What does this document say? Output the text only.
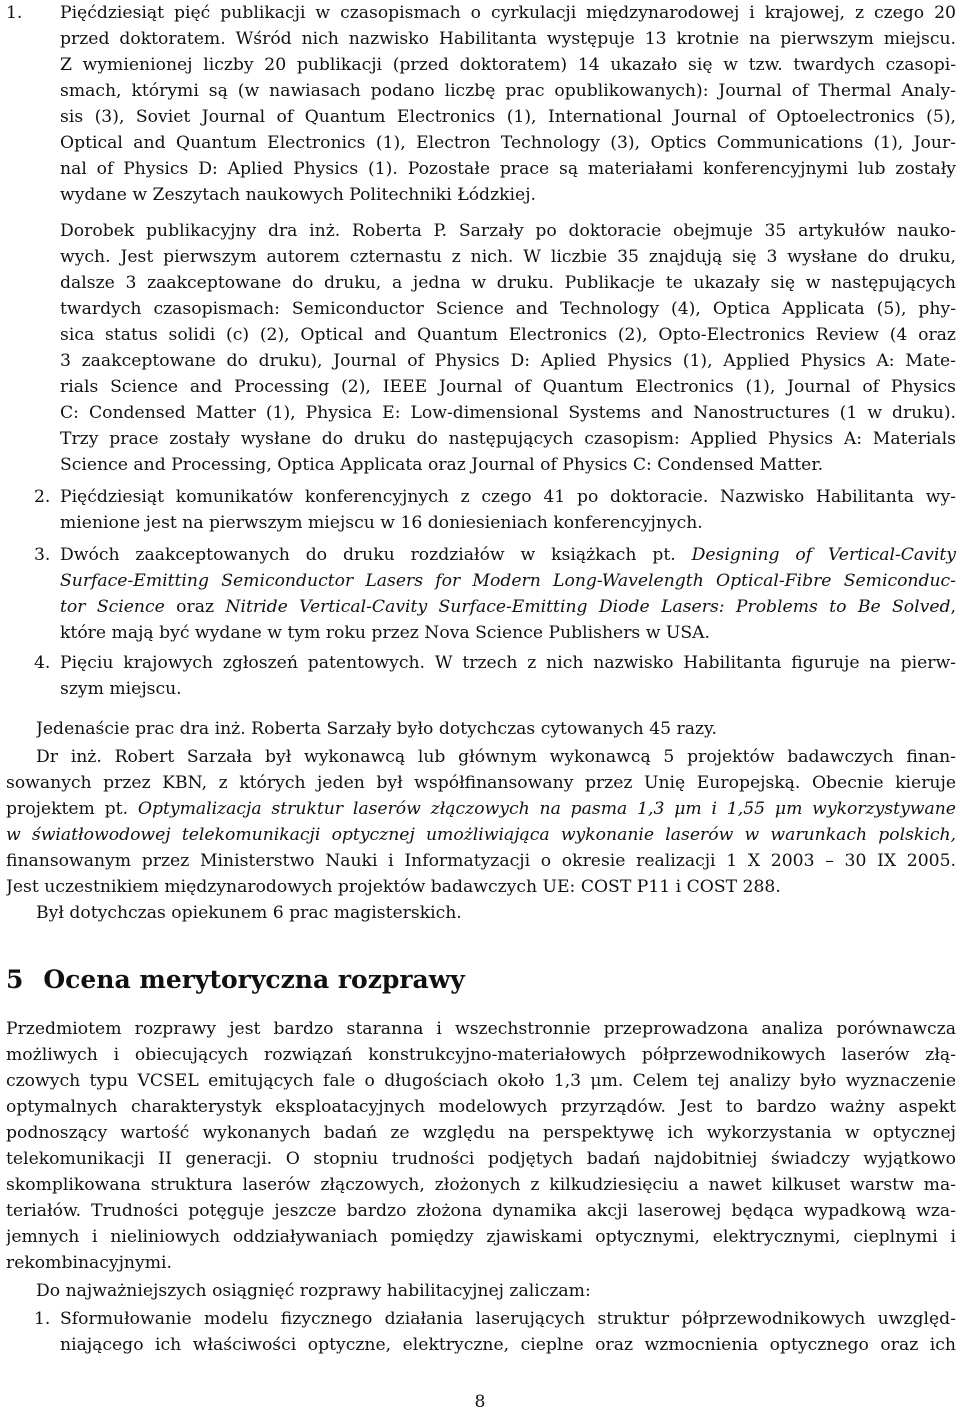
1. Pięćdziesiąt pięć publikacji w czasopismach o cyrkulacji międzynarodowej i krajowej, z czego 20
przed doktoratem. Wśród nich nazwisko Habilitanta występuje 13 krotnie na pierwszym miejscu.
Z wymienionej liczby 20 publikacji (przed doktoratem) 14 ukazało się w tzw. twardych czasopi-
smach, którymi są (w nawiasach podano liczbę prac opublikowanych): Journal of Thermal Analy-
sis (3), Soviet Journal of Quantum Electronics (1), International Journal of Optoelectronics (5),
Optical and Quantum Electronics (1), Electron Technology (3), Optics Communications (1), Jour-
nal of Physics D: Aplied Physics (1). Pozostałe prace są materiałami konferencyjnymi lub zostały
wydane w Zeszytach naukowych Politechniki Łódzkiej.
Dorobek publikacyjny dra inż. Roberta P. Sarzały po doktoracie obejmuje 35 artykułów nauko-
wych. Jest pierwszym autorem czternastu z nich. W liczbie 35 znajdują się 3 wysłane do druku,
dalsze 3 zaakceptowane do druku, a jedna w druku. Publikacje te ukazały się w następujących
twardych czasopismach: Semiconductor Science and Technology (4), Optica Applicata (5), phy-
sica status solidi (c) (2), Optical and Quantum Electronics (2), Opto-Electronics Review (4 oraz
3 zaakceptowane do druku), Journal of Physics D: Aplied Physics (1), Applied Physics A: Mate-
rials Science and Processing (2), IEEE Journal of Quantum Electronics (1), Journal of Physics
C: Condensed Matter (1), Physica E: Low-dimensional Systems and Nanostructures (1 w druku).
Trzy prace zostały wysłane do druku do następujących czasopism: Applied Physics A: Materials
Science and Processing, Optica Applicata oraz Journal of Physics C: Condensed Matter.
2. Pięćdziesiąt komunikatów konferencyjnych z czego 41 po doktoracie. Nazwisko Habilitanta wy-
mienione jest na pierwszym miejscu w 16 doniesieniach konferencyjnych.
3. Dwóch zaakceptowanych do druku rozdziałów w książkach pt. Designing of Vertical-Cavity
Surface-Emitting Semiconductor Lasers for Modern Long-Wavelength Optical-Fibre Semiconduc-
tor Science oraz Nitride Vertical-Cavity Surface-Emitting Diode Lasers: Problems to Be Solved,
które mają być wydane w tym roku przez Nova Science Publishers w USA.
4. Pięciu krajowych zgłoszeń patentowych. W trzech z nich nazwisko Habilitanta figuruje na pierw-
szym miejscu.
Jedenaście prac dra inż. Roberta Sarzały było dotychczas cytowanych 45 razy.
Dr inż. Robert Sarzała był wykonawcą lub głównym wykonawcą 5 projektów badawczych finan-
sowanych przez KBN, z których jeden był współfinansowany przez Unię Europejską. Obecnie kieruje
projektem pt. Optymalizacja struktur laserów złączowych na pasma 1,3 μm i 1,55 μm wykorzystywane
w światłowodowej telekomunikacji optycznej umożliwiająca wykonanie laserów w warunkach polskich,
finansowanym przez Ministerstwo Nauki i Informatyzacji o okresie realizacji 1 X 2003 – 30 IX 2005.
Jest uczestnikiem międzynarodowych projektów badawczych UE: COST P11 i COST 288.
Był dotychczas opiekunem 6 prac magisterskich.
5 Ocena merytoryczna rozprawy
Przedmiotem rozprawy jest bardzo staranna i wszechstronnie przeprowadzona analiza porównawcza
możliwych i obiecujących rozwiązań konstrukcyjno-materiałowych półprzewodnikowych laserów złą-
czowych typu VCSEL emitujących fale o długościach około 1,3 μm. Celem tej analizy było wyznaczenie
optymalnych charakterystyk eksploatacyjnych modelowych przyrządów. Jest to bardzo ważny aspekt
podnoszący wartość wykonanych badań ze względu na perspektywę ich wykorzystania w optycznej
telekomunikacji II generacji. O stopniu trudności podjętych badań najdobitniej świadczy wyjątkowo
skomplikowana struktura laserów złączowych, złożonych z kilkudziesięciu a nawet kilkuset warstw ma-
teriałów. Trudności potęguje jeszcze bardzo złożona dynamika akcji laserowej będąca wypadkową wza-
jemnych i nieliniowych oddziaływaniach pomiędzy zjawiskami optycznymi, elektrycznymi, cieplnymi i
rekombinacyjnymi.
Do najważniejszych osiągnięć rozprawy habilitacyjnej zaliczam:
1. Sformułowanie modelu fizycznego działania laserujących struktur półprzewodnikowych uwzględ-
niającego ich właściwości optyczne, elektryczne, cieplne oraz wzmocnienia optycznego oraz ich
8
